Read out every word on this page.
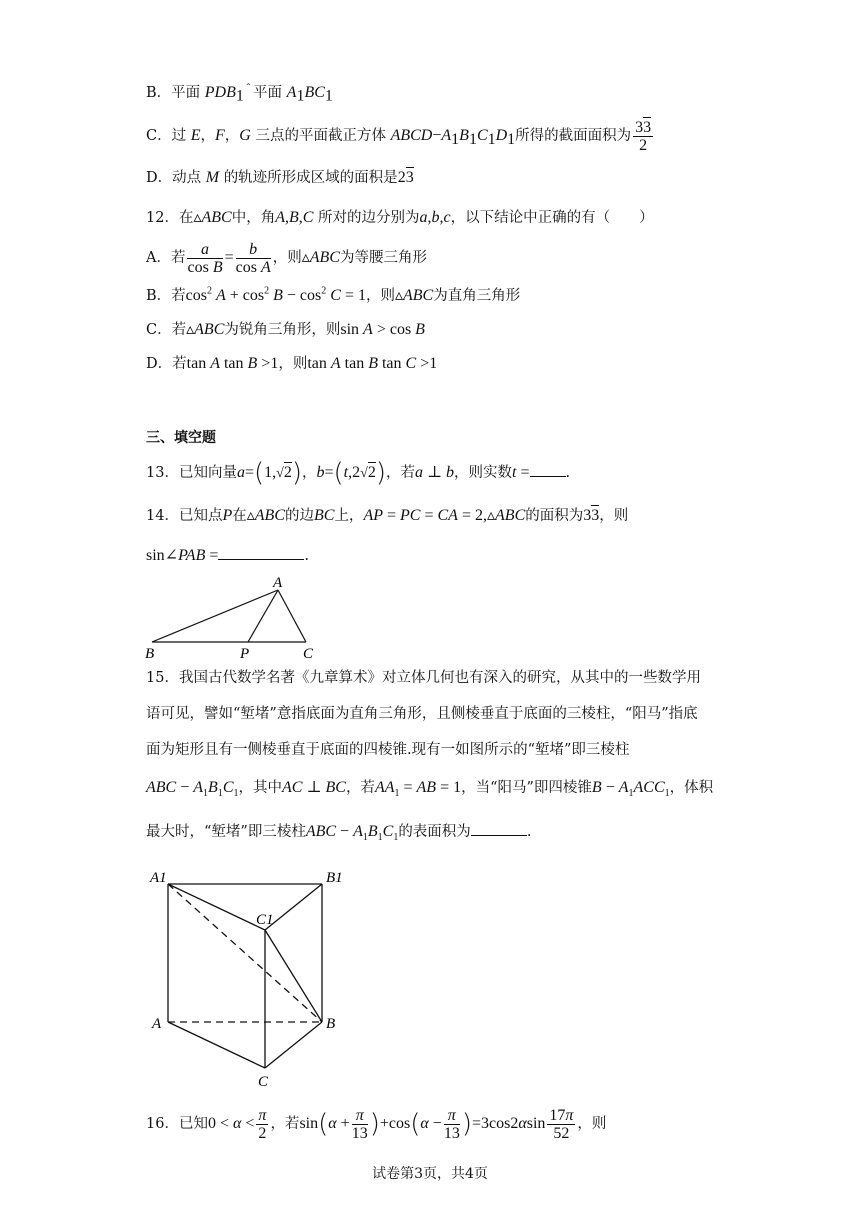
B．平面 $PDB_1$ $^ˆ$ 平面 $A_1BC_1$
C．过 E，F，G 三点的平面截正方体 $ABCD-A_1B_1C_1D_1$所得的截面面积为 $\frac{33}{2}$
D．动点 M 的轨迹所形成区域的面积是23
12．在▵ABC中，角A,B,C 所对的边分别为a,b,c，以下结论中正确的有（　　）
A．若 $\frac{a}{\text{cos B}} = \frac{b}{\text{cos A}}$ ，则▵ABC为等腰三角形
B．若$\cos^2 A + \cos^2 B - \cos^2 C = 1$，则▵ABC为直角三角形
C．若▵ABC为锐角三角形，则sin A > cos B
D．若tan A tan B >1，则tan A tan B tan C >1
三、填空题
13．已知向量a=(1,√2)，b=(t,2√2)，若a ⊥ b，则实数t = .
14．已知点P在▵ABC的边BC上，AP = PC = CA = 2,▵ABC的面积为33，则
sin∠PAB =	.
A
B	P	C
15．我国古代数学名著《九章算术》对立体几何也有深入的研究，从其中的一些数学用
语可见，譬如“堑堵”意指底面为直角三角形，且侧棱垂直于底面的三棱柱，“阳马”指底
面为矩形且有一侧棱垂直于底面的四棱锥.现有一如图所示的“堑堵”即三棱柱
ABC − $A_1B_1C_1$，其中AC ⊥ BC，若$AA_1$ = AB = 1，当“阳马”即四棱锥$B - A_1ACC_1$，体积
最大时，“堑堵”即三棱柱ABC − $A_1B_1C_1$的表面积为	.
A1	B1
C1
A	B
C
16．已知$0 < \alpha < \frac{\pi}{2}$ ，若$\sin(\alpha + \frac{\pi}{13} )+\cos(\alpha - \frac{\pi}{13} )=3\cos 2\alpha\sin \frac{17\pi}{52}$ ，则
试卷第3页，共4页
